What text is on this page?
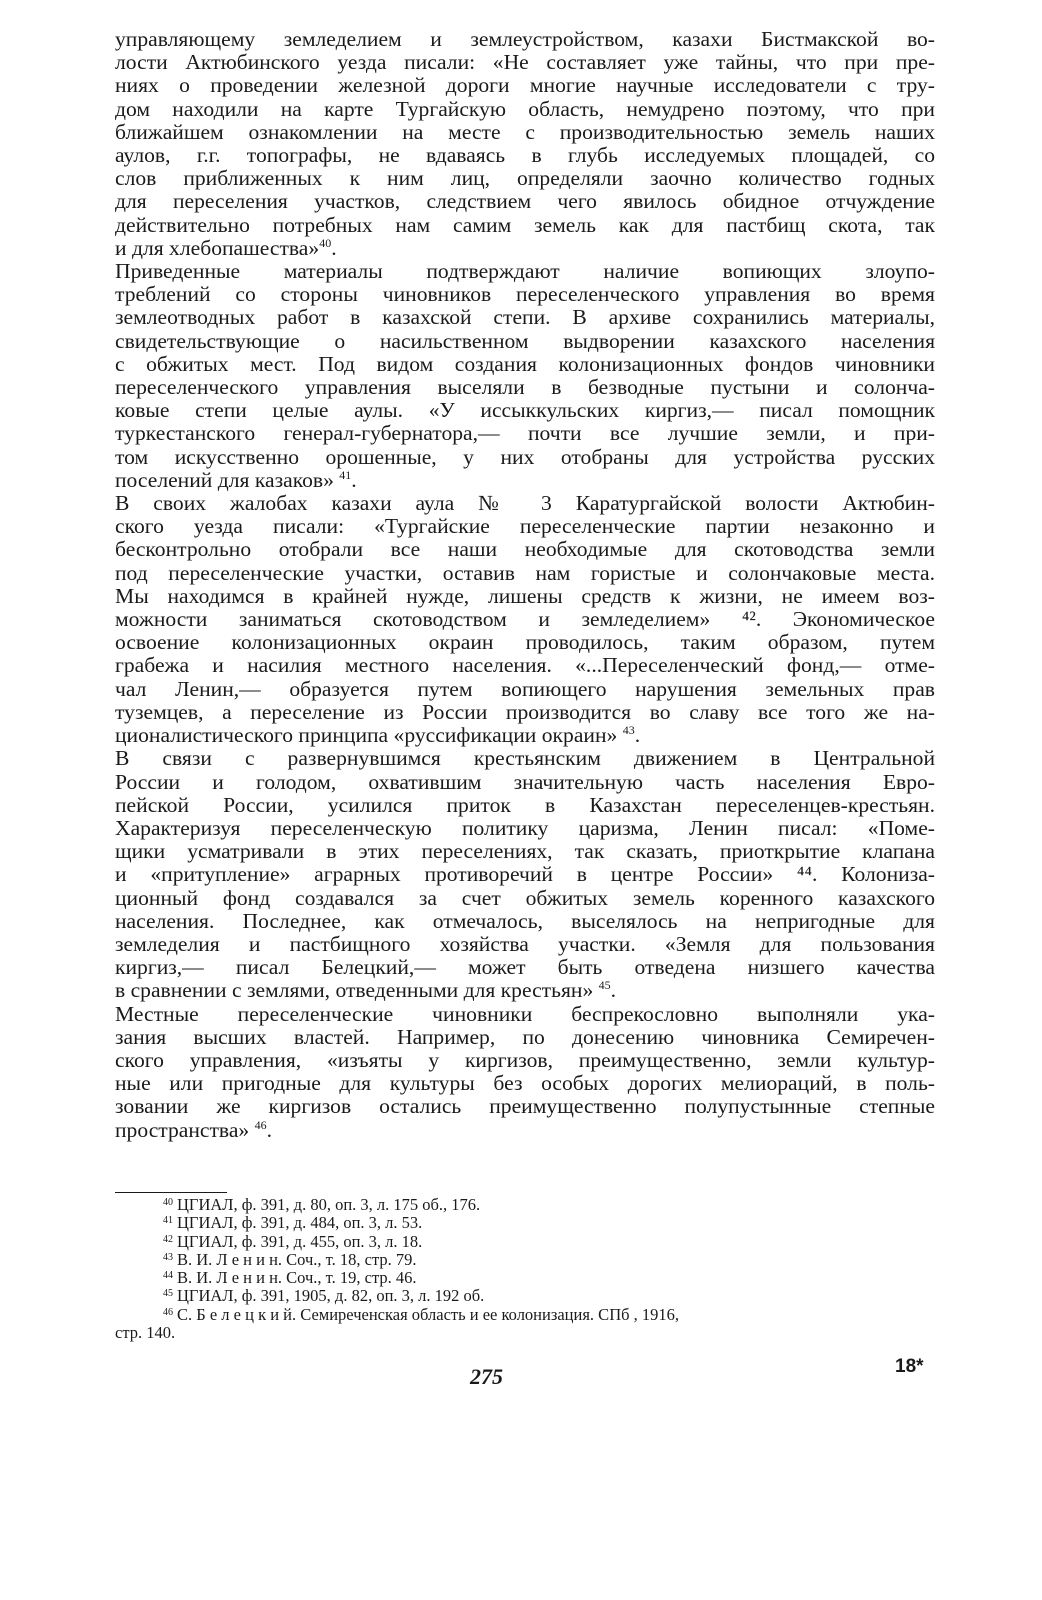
управляющему земледелием и землеустройством, казахи Бистмакской во-
лости Актюбинского уезда писали: «Не составляет уже тайны, что при пре-
ниях о проведении железной дороги многие научные исследователи с тру-
дом находили на карте Тургайскую область, немудрено поэтому, что при
ближайшем ознакомлении на месте с производительностью земель наших
аулов, г.г. топографы, не вдаваясь в глубь исследуемых площадей, со
слов приближенных к ним лиц, определяли заочно количество годных
для переселения участков, следствием чего явилось обидное отчуждение
действительно потребных нам самим земель как для пастбищ скота, так
и для хлебопашества»$^{40}$.
Приведенные материалы подтверждают наличие вопиющих злоупо-
треблений со стороны чиновников переселенческого управления во время
землеотводных работ в казахской степи. В архиве сохранились материалы,
свидетельствующие о насильственном выдворении казахского населения
с обжитых мест. Под видом создания колонизационных фондов чиновники
переселенческого управления выселяли в безводные пустыни и солонча-
ковые степи целые аулы. «У иссыккульских киргиз,— писал помощник
туркестанского генерал-губернатора,— почти все лучшие земли, и при-
том искусственно орошенные, у них отобраны для устройства русских
поселений для казаков» $^{41}$.
В своих жалобах казахи аула № 3 Каратургайской волости Актюбин-
ского уезда писали: «Тургайские переселенческие партии незаконно и
бесконтрольно отобрали все наши необходимые для скотоводства земли
под переселенческие участки, оставив нам гористые и солончаковые места.
Мы находимся в крайней нужде, лишены средств к жизни, не имеем воз-
можности заниматься скотоводством и земледелием» ⁴². Экономическое
освоение колонизационных окраин проводилось, таким образом, путем
грабежа и насилия местного населения. «...Переселенческий фонд,— отме-
чал Ленин,— образуется путем вопиющего нарушения земельных прав
туземцев, а переселение из России производится во славу все того же на-
ционалистического принципа «руссификации окраин» $^{43}$.
В связи с развернувшимся крестьянским движением в Центральной
России и голодом, охватившим значительную часть населения Евро-
пейской России, усилился приток в Казахстан переселенцев-крестьян.
Характеризуя переселенческую политику царизма, Ленин писал: «Поме-
щики усматривали в этих переселениях, так сказать, приоткрытие клапана
и «притупление» аграрных противоречий в центре России» ⁴⁴. Колониза-
ционный фонд создавался за счет обжитых земель коренного казахского
населения. Последнее, как отмечалось, выселялось на непригодные для
земледелия и пастбищного хозяйства участки. «Земля для пользования
киргиз,— писал Белецкий,— может быть отведена низшего качества
в сравнении с землями, отведенными для крестьян» $^{45}$.
Местные переселенческие чиновники беспрекословно выполняли ука-
зания высших властей. Например, по донесению чиновника Семиречен-
ского управления, «изъяты у киргизов, преимущественно, земли культур-
ные или пригодные для культуры без особых дорогих мелиораций, в поль-
зовании же киргизов остались преимущественно полупустынные степные
пространства» $^{46}$.
$^{40}$ ЦГИАЛ, ф. 391, д. 80, оп. 3, л. 175 об., 176.
$^{41}$ ЦГИАЛ, ф. 391, д. 484, оп. 3, л. 53.
$^{42}$ ЦГИАЛ, ф. 391, д. 455, оп. 3, л. 18.
$^{43}$ В. И. Л е н и н. Соч., т. 18, стр. 79.
$^{44}$ В. И. Л е н и н. Соч., т. 19, стр. 46.
$^{45}$ ЦГИАЛ, ф. 391, 1905, д. 82, оп. 3, л. 192 об.
$^{46}$ С. Б е л е ц к и й. Семиреченская область и ее колонизация. СПб , 1916,
стр. 140.
275	18*
